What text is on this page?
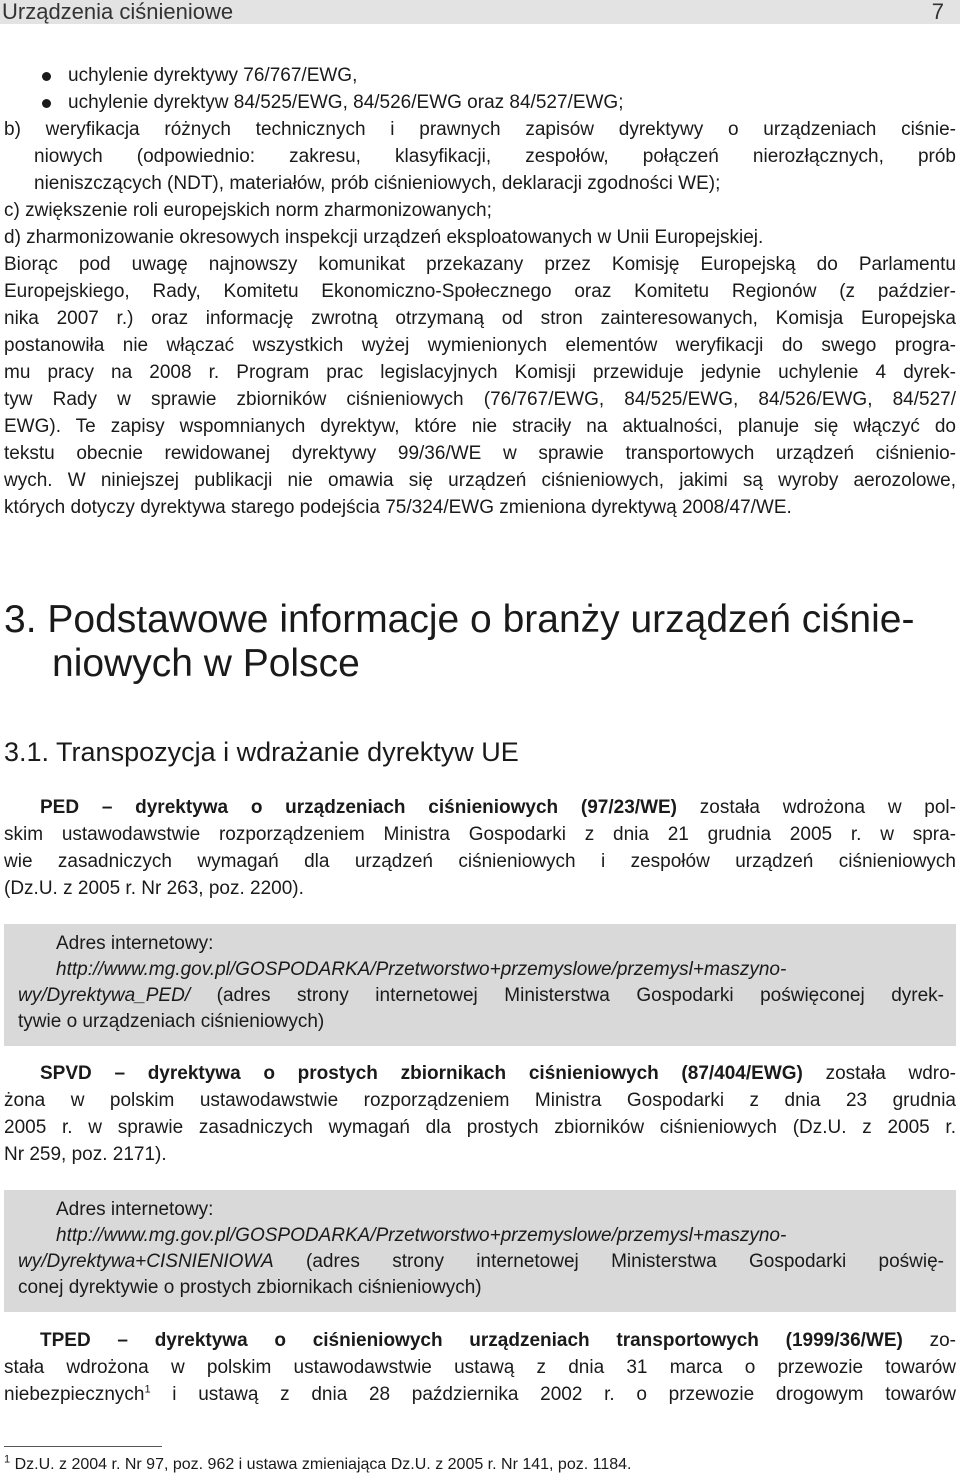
Urządzenia ciśnieniowe	7
uchylenie dyrektywy 76/767/EWG,
uchylenie dyrektyw 84/525/EWG, 84/526/EWG oraz 84/527/EWG;
b) weryfikacja różnych technicznych i prawnych zapisów dyrektywy o urządzeniach ciśnie-
niowych (odpowiednio: zakresu, klasyfikacji, zespołów, połączeń nierozłącznych, prób
nieniszczących (NDT), materiałów, prób ciśnieniowych, deklaracji zgodności WE);
c) zwiększenie roli europejskich norm zharmonizowanych;
d) zharmonizowanie okresowych inspekcji urządzeń eksploatowanych w Unii Europejskiej.
Biorąc pod uwagę najnowszy komunikat przekazany przez Komisję Europejską do Parlamentu
Europejskiego, Rady, Komitetu Ekonomiczno-Społecznego oraz Komitetu Regionów (z paździer-
nika 2007 r.) oraz informację zwrotną otrzymaną od stron zainteresowanych, Komisja Europejska
postanowiła nie włączać wszystkich wyżej wymienionych elementów weryfikacji do swego progra-
mu pracy na 2008 r. Program prac legislacyjnych Komisji przewiduje jedynie uchylenie 4 dyrek-
tyw Rady w sprawie zbiorników ciśnieniowych (76/767/EWG, 84/525/EWG, 84/526/EWG, 84/527/
EWG). Te zapisy wspomnianych dyrektyw, które nie straciły na aktualności, planuje się włączyć do
tekstu obecnie rewidowanej dyrektywy 99/36/WE w sprawie transportowych urządzeń ciśnienio-
wych. W niniejszej publikacji nie omawia się urządzeń ciśnieniowych, jakimi są wyroby aerozolowe,
których dotyczy dyrektywa starego podejścia 75/324/EWG zmieniona dyrektywą 2008/47/WE.
3. Podstawowe informacje o branży urządzeń ciśnie-
niowych w Polsce
3.1. Transpozycja i wdrażanie dyrektyw UE
PED – dyrektywa o urządzeniach ciśnieniowych (97/23/WE) została wdrożona w pol-
skim ustawodawstwie rozporządzeniem Ministra Gospodarki z dnia 21 grudnia 2005 r. w spra-
wie zasadniczych wymagań dla urządzeń ciśnieniowych i zespołów urządzeń ciśnieniowych
(Dz.U. z 2005 r. Nr 263, poz. 2200).
Adres internetowy:
http://www.mg.gov.pl/GOSPODARKA/Przetworstwo+przemyslowe/przemysl+maszyno-
wy/Dyrektywa_PED/ (adres strony internetowej Ministerstwa Gospodarki poświęconej dyrek-
tywie o urządzeniach ciśnieniowych)
SPVD – dyrektywa o prostych zbiornikach ciśnieniowych (87/404/EWG) została wdro-
żona w polskim ustawodawstwie rozporządzeniem Ministra Gospodarki z dnia 23 grudnia
2005 r. w sprawie zasadniczych wymagań dla prostych zbiorników ciśnieniowych (Dz.U. z 2005 r.
Nr 259, poz. 2171).
Adres internetowy:
http://www.mg.gov.pl/GOSPODARKA/Przetworstwo+przemyslowe/przemysl+maszyno-
wy/Dyrektywa+CISNIENIOWA (adres strony internetowej Ministerstwa Gospodarki poświę-
conej dyrektywie o prostych zbiornikach ciśnieniowych)
TPED – dyrektywa o ciśnieniowych urządzeniach transportowych (1999/36/WE) zo-
stała wdrożona w polskim ustawodawstwie ustawą z dnia 31 marca o przewozie towarów
niebezpiecznych$^1$ i ustawą z dnia 28 października 2002 r. o przewozie drogowym towarów
$^1$ Dz.U. z 2004 r. Nr 97, poz. 962 i ustawa zmieniająca Dz.U. z 2005 r. Nr 141, poz. 1184.
